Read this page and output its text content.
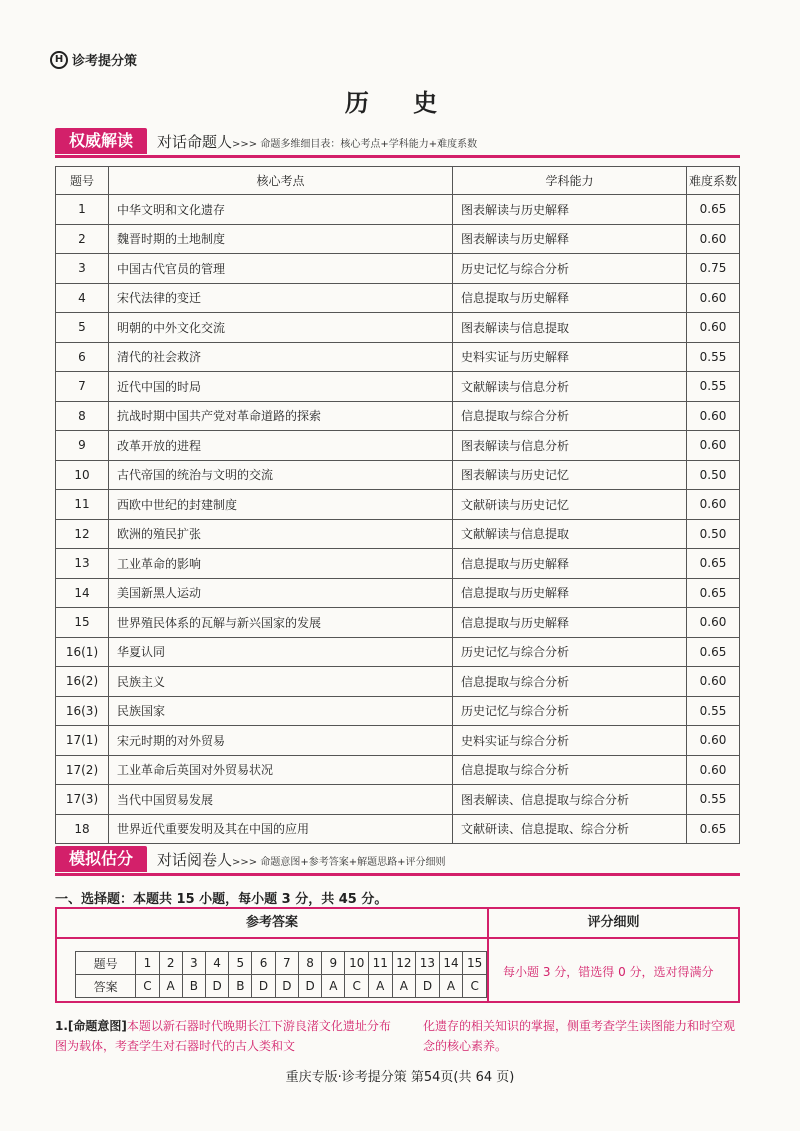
H 诊考提分策
历 史
权威解读	对话命题人>>> 命题多维细目表：核心考点+学科能力+难度系数
题号	核心考点	学科能力	难度系数
1	中华文明和文化遗存	图表解读与历史解释	0.65
2	魏晋时期的土地制度	图表解读与历史解释	0.60
3	中国古代官员的管理	历史记忆与综合分析	0.75
4	宋代法律的变迁	信息提取与历史解释	0.60
5	明朝的中外文化交流	图表解读与信息提取	0.60
6	清代的社会救济	史料实证与历史解释	0.55
7	近代中国的时局	文献解读与信息分析	0.55
8	抗战时期中国共产党对革命道路的探索	信息提取与综合分析	0.60
9	改革开放的进程	图表解读与信息分析	0.60
10	古代帝国的统治与文明的交流	图表解读与历史记忆	0.50
11	西欧中世纪的封建制度	文献研读与历史记忆	0.60
12	欧洲的殖民扩张	文献解读与信息提取	0.50
13	工业革命的影响	信息提取与历史解释	0.65
14	美国新黑人运动	信息提取与历史解释	0.65
15	世界殖民体系的瓦解与新兴国家的发展	信息提取与历史解释	0.60
16(1)	华夏认同	历史记忆与综合分析	0.65
16(2)	民族主义	信息提取与综合分析	0.60
16(3)	民族国家	历史记忆与综合分析	0.55
17(1)	宋元时期的对外贸易	史料实证与综合分析	0.60
17(2)	工业革命后英国对外贸易状况	信息提取与综合分析	0.60
17(3)	当代中国贸易发展	图表解读、信息提取与综合分析	0.55
18	世界近代重要发明及其在中国的应用	文献研读、信息提取、综合分析	0.65
模拟估分	对话阅卷人>>> 命题意图+参考答案+解题思路+评分细则
一、选择题：本题共 15 小题，每小题 3 分，共 45 分。
参考答案
题号	1	2	3	4	5	6	7	8	9	10	11	12	13	14	15
答案	C	A	B	D	B	D	D	D	A	C	A	A	D	A	C
评分细则
每小题 3 分，错选得 0 分，选对得满分
1.[命题意图]本题以新石器时代晚期长江下游良渚文化遗址分布图为载体，考查学生对石器时代的古人类和文
化遗存的相关知识的掌握，侧重考查学生读图能力和时空观念的核心素养。
重庆专版·诊考提分策 第54页(共 64 页)
